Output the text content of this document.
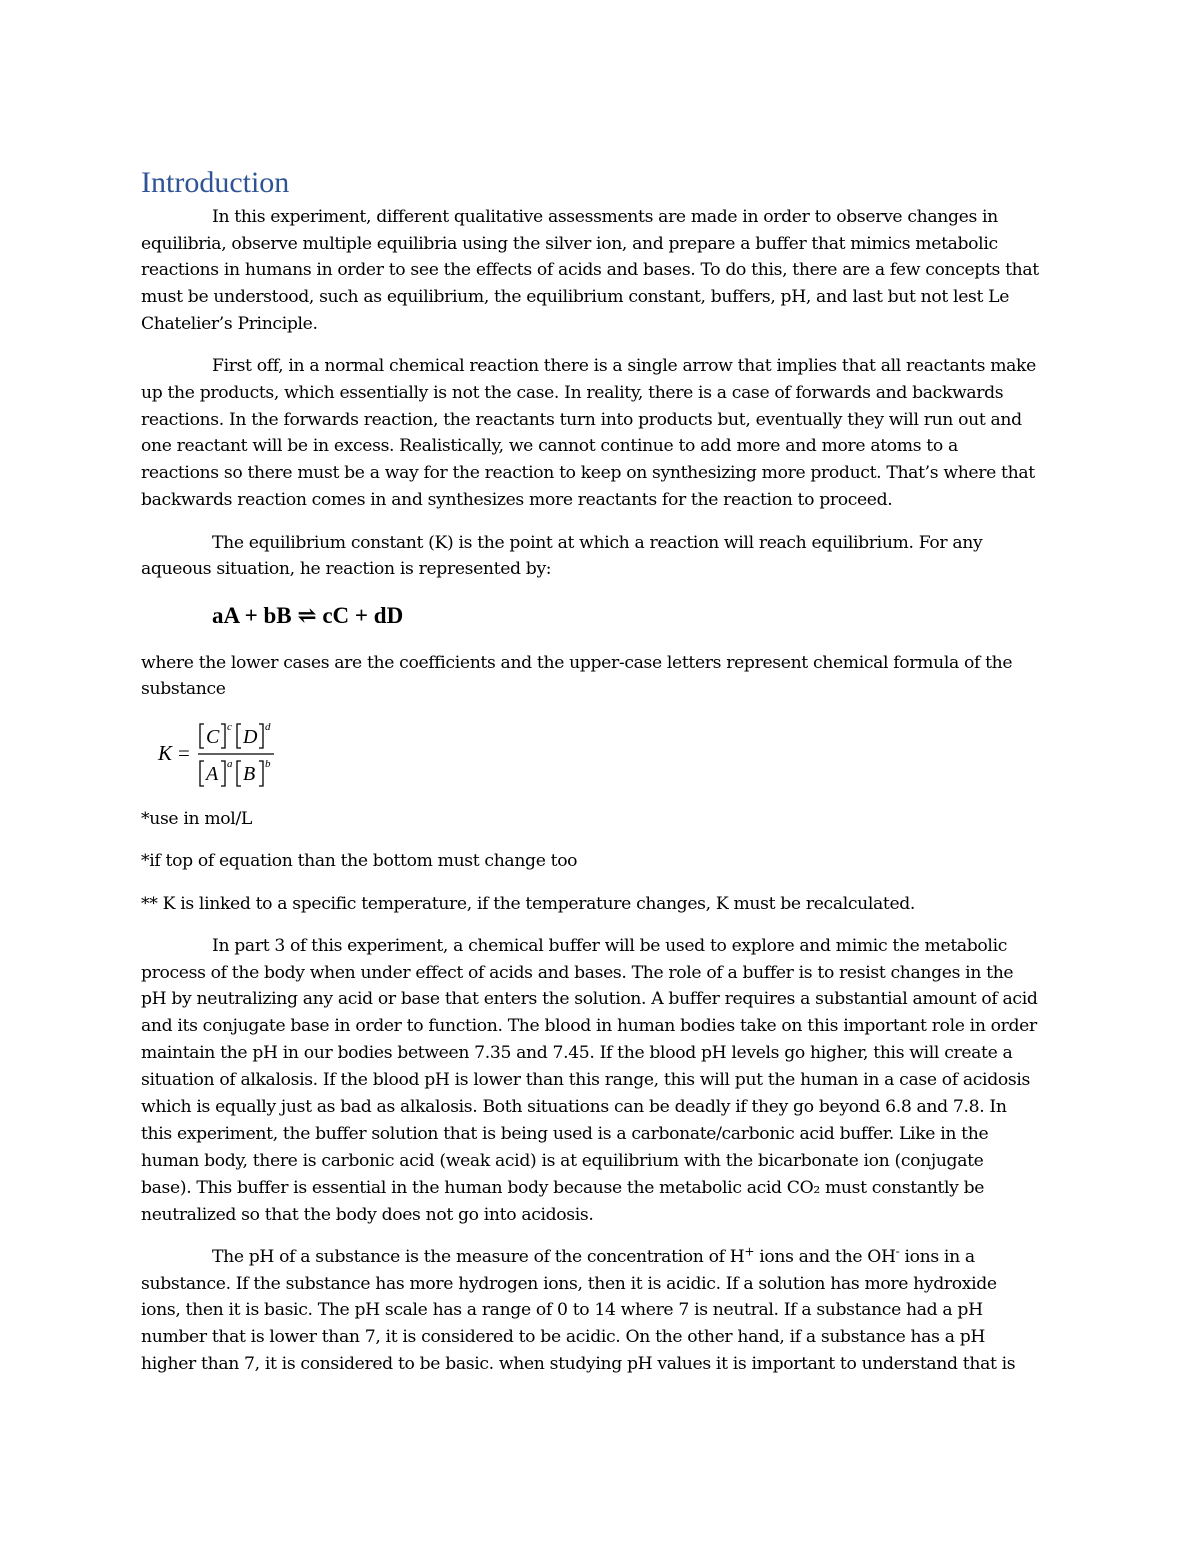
Introduction

In this experiment, different qualitative assessments are made in order to observe changes in

equilibria, observe multiple equilibria using the silver ion, and prepare a buffer that mimics metabolic

reactions in humans in order to see the effects of acids and bases. To do this, there are a few concepts that

must be understood, such as equilibrium, the equilibrium constant, buffers, pH, and last but not lest Le

Chatelier’s Principle.

First off, in a normal chemical reaction there is a single arrow that implies that all reactants make

up the products, which essentially is not the case. In reality, there is a case of forwards and backwards

reactions. In the forwards reaction, the reactants turn into products but, eventually they will run out and

one reactant will be in excess. Realistically, we cannot continue to add more and more atoms to a

reactions so there must be a way for the reaction to keep on synthesizing more product. That’s where that

backwards reaction comes in and synthesizes more reactants for the reaction to proceed.

The equilibrium constant (K) is the point at which a reaction will reach equilibrium. For any

aqueous situation, he reaction is represented by:

aA + bB ⇌ cC + dD

where the lower cases are the coefficients and the upper-case letters represent chemical formula of the

substance

K =
C c D d
A a B b

*use in mol/L

*if top of equation than the bottom must change too

** K is linked to a specific temperature, if the temperature changes, K must be recalculated.

In part 3 of this experiment, a chemical buffer will be used to explore and mimic the metabolic

process of the body when under effect of acids and bases. The role of a buffer is to resist changes in the

pH by neutralizing any acid or base that enters the solution. A buffer requires a substantial amount of acid

and its conjugate base in order to function. The blood in human bodies take on this important role in order

maintain the pH in our bodies between 7.35 and 7.45. If the blood pH levels go higher, this will create a

situation of alkalosis. If the blood pH is lower than this range, this will put the human in a case of acidosis

which is equally just as bad as alkalosis. Both situations can be deadly if they go beyond 6.8 and 7.8. In

this experiment, the buffer solution that is being used is a carbonate/carbonic acid buffer. Like in the

human body, there is carbonic acid (weak acid) is at equilibrium with the bicarbonate ion (conjugate

base). This buffer is essential in the human body because the metabolic acid CO₂ must constantly be

neutralized so that the body does not go into acidosis.

The pH of a substance is the measure of the concentration of H+ ions and the OH- ions in a

substance. If the substance has more hydrogen ions, then it is acidic. If a solution has more hydroxide

ions, then it is basic. The pH scale has a range of 0 to 14 where 7 is neutral. If a substance had a pH

number that is lower than 7, it is considered to be acidic. On the other hand, if a substance has a pH

higher than 7, it is considered to be basic. when studying pH values it is important to understand that is
